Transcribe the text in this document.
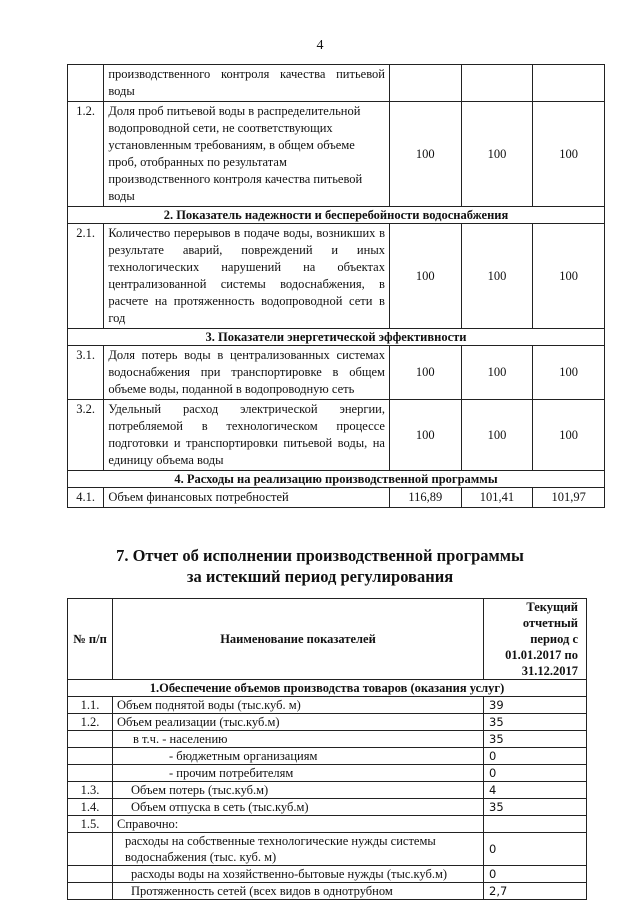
4
	производственного контроля качества питьевой воды			
1.2.	Доля проб питьевой воды в распределительной водопроводной сети, не соответствующих установленным требованиям, в общем объеме проб, отобранных по результатам производственного контроля качества питьевой воды	100	100	100
2. Показатель надежности и бесперебойности водоснабжения				
2.1.	Количество перерывов в подаче воды, возникших в результате аварий, повреждений и иных технологических нарушений на объектах централизованной системы водоснабжения, в расчете на протяженность водопроводной сети в год	100	100	100
3. Показатели энергетической эффективности				
3.1.	Доля потерь воды в централизованных системах водоснабжения при транспортировке в общем объеме воды, поданной в водопроводную сеть	100	100	100
3.2.	Удельный расход электрической энергии, потребляемой в технологическом процессе подготовки и транспортировки питьевой воды, на единицу объема воды	100	100	100
4. Расходы на реализацию производственной программы				
4.1.	Объем финансовых потребностей	116,89	101,41	101,97
7. Отчет об исполнении производственной программы
за истекший период регулирования
№ п/п	Наименование показателей	Текущий отчетный период с 01.01.2017 по 31.12.2017
1.Обеспечение объемов производства товаров (оказания услуг)		
1.1.	Объем поднятой воды (тыс.куб. м)	39
1.2.	Объем реализации (тыс.куб.м)	35
	в т.ч. - населению	35
	- бюджетным организациям	0
	- прочим потребителям	0
1.3.	Объем потерь (тыс.куб.м)	4
1.4.	Объем отпуска в сеть (тыс.куб.м)	35
1.5.	Справочно:	
	расходы на собственные технологические нужды системы водоснабжения (тыс. куб. м)	0
	расходы воды на хозяйственно-бытовые нужды (тыс.куб.м)	0
	Протяженность сетей (всех видов в однотрубном	2,7
